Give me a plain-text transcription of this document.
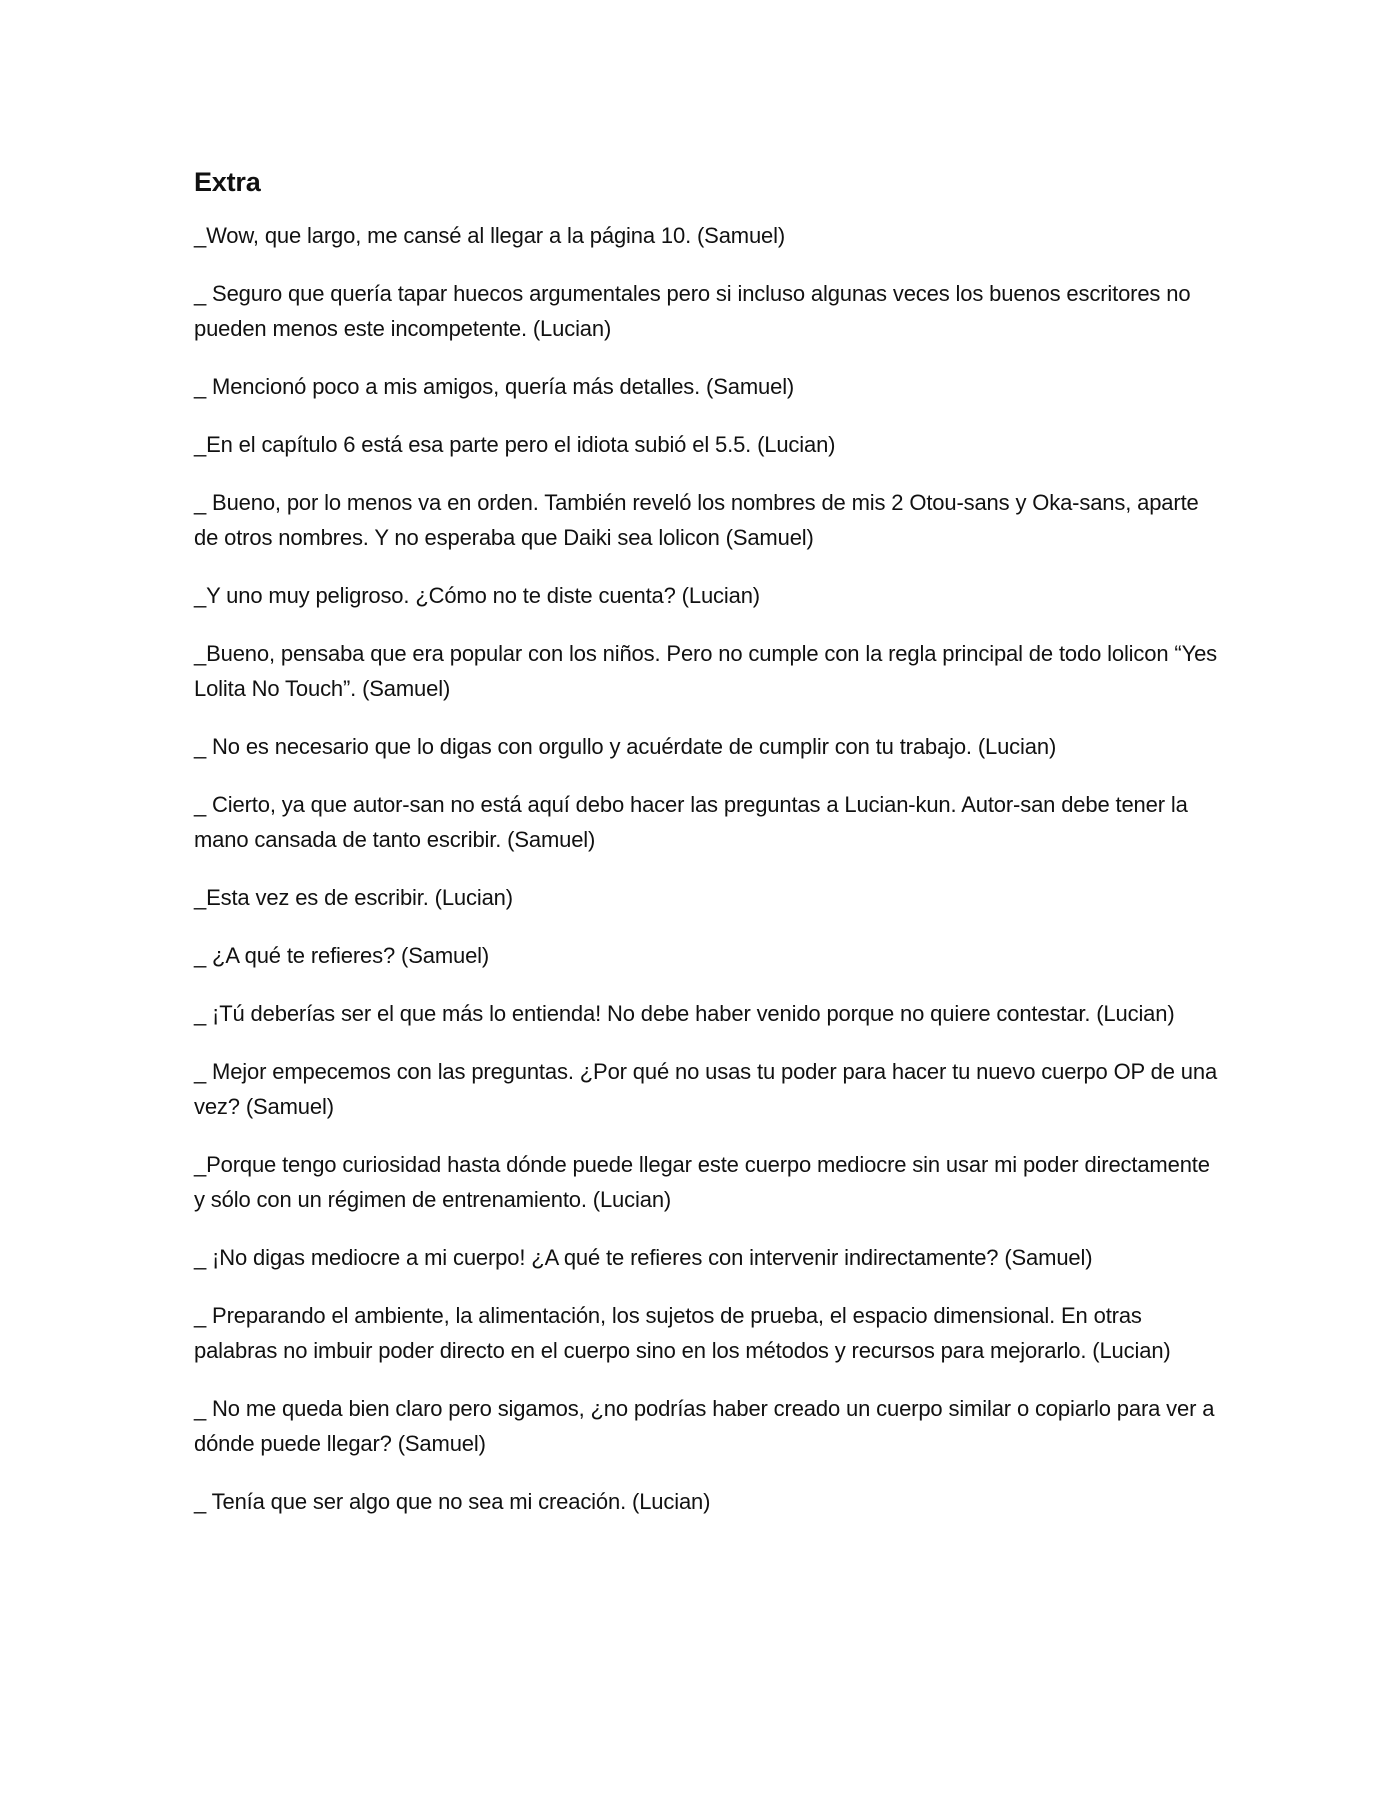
Extra

_Wow, que largo, me cansé al llegar a la página 10. (Samuel)

_ Seguro que quería tapar huecos argumentales pero si incluso algunas veces los buenos escritores no pueden menos este incompetente. (Lucian)

_ Mencionó poco a mis amigos, quería más detalles. (Samuel)

_En el capítulo 6 está esa parte pero el idiota subió el 5.5. (Lucian)

_ Bueno, por lo menos va en orden. También reveló los nombres de mis 2 Otou-sans y Oka-sans, aparte de otros nombres. Y no esperaba que Daiki sea lolicon (Samuel)

_Y uno muy peligroso. ¿Cómo no te diste cuenta? (Lucian)

_Bueno, pensaba que era popular con los niños. Pero no cumple con la regla principal de todo lolicon “Yes Lolita No Touch”. (Samuel)

_ No es necesario que lo digas con orgullo y acuérdate de cumplir con tu trabajo. (Lucian)

_ Cierto, ya que autor-san no está aquí debo hacer las preguntas a Lucian-kun. Autor-san debe tener la mano cansada de tanto escribir. (Samuel)

_Esta vez es de escribir. (Lucian)

_ ¿A qué te refieres? (Samuel)

_ ¡Tú deberías ser el que más lo entienda! No debe haber venido porque no quiere contestar. (Lucian)

_ Mejor empecemos con las preguntas. ¿Por qué no usas tu poder para hacer tu nuevo cuerpo OP de una vez? (Samuel)

_Porque tengo curiosidad hasta dónde puede llegar este cuerpo mediocre sin usar mi poder directamente y sólo con un régimen de entrenamiento. (Lucian)

_ ¡No digas mediocre a mi cuerpo! ¿A qué te refieres con intervenir indirectamente? (Samuel)

_ Preparando el ambiente, la alimentación, los sujetos de prueba, el espacio dimensional. En otras palabras no imbuir poder directo en el cuerpo sino en los métodos y recursos para mejorarlo. (Lucian)

_ No me queda bien claro pero sigamos, ¿no podrías haber creado un cuerpo similar o copiarlo para ver a dónde puede llegar? (Samuel)

_ Tenía que ser algo que no sea mi creación. (Lucian)
